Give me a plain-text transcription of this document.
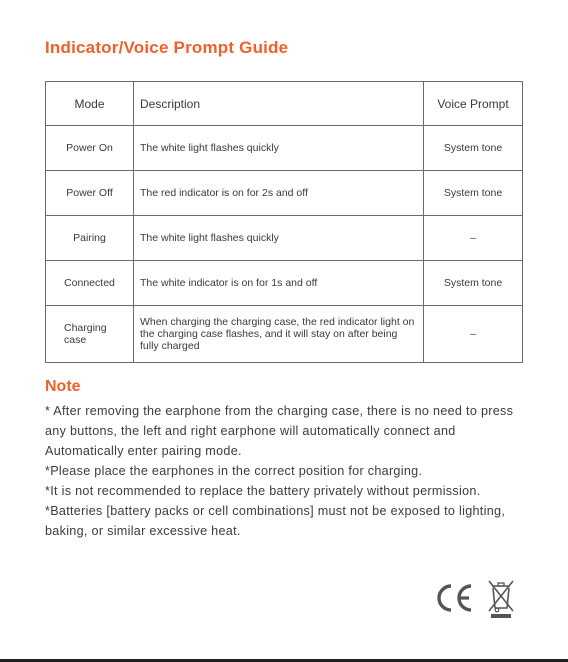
Indicator/Voice Prompt Guide
Mode	Description	Voice Prompt
Power On	The white light flashes quickly	System tone
Power Off	The red indicator is on for 2s and off	System tone
Pairing	The white light flashes quickly	–
Connected	The white indicator is on for 1s and off	System tone
Charging case	When charging the charging case, the red indicator light on the charging case flashes, and it will stay on after being fully charged	–
Note

* After removing the earphone from the charging case, there is no need to press any buttons, the left and right earphone will automatically connect and Automatically enter pairing mode.

*Please place the earphones in the correct position for charging.

*It is not recommended to replace the battery privately without permission.

*Batteries [battery packs or cell combinations] must not be exposed to lighting, baking, or similar excessive heat.
